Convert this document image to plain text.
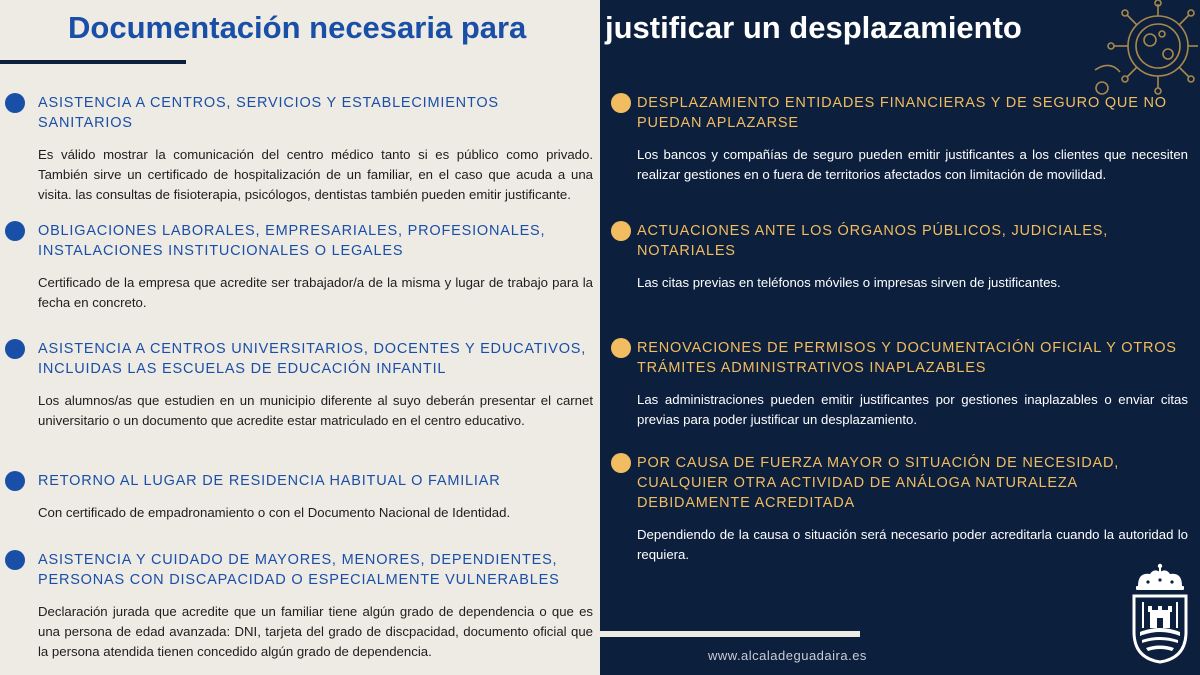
Documentación necesaria para	justificar un desplazamiento
ASISTENCIA A CENTROS, SERVICIOS Y ESTABLECIMIENTOS SANITARIOS

Es válido mostrar la comunicación del centro médico tanto si es público como privado. También sirve un certificado de hospitalización de un familiar, en el caso que acuda a una visita. las consultas de fisioterapia, psicólogos, dentistas también pueden emitir justificante.

OBLIGACIONES LABORALES, EMPRESARIALES, PROFESIONALES, INSTALACIONES INSTITUCIONALES O LEGALES

Certificado de la empresa que acredite ser trabajador/a de la misma y lugar de trabajo para la fecha en concreto.

ASISTENCIA A CENTROS UNIVERSITARIOS, DOCENTES Y EDUCATIVOS, INCLUIDAS LAS ESCUELAS DE EDUCACIÓN INFANTIL

Los alumnos/as que estudien en un municipio diferente al suyo deberán presentar el carnet universitario o un documento que acredite estar matriculado en el centro educativo.

RETORNO AL LUGAR DE RESIDENCIA HABITUAL O FAMILIAR

Con certificado de empadronamiento o con el Documento Nacional de Identidad.

ASISTENCIA Y CUIDADO DE MAYORES, MENORES, DEPENDIENTES, PERSONAS CON DISCAPACIDAD O ESPECIALMENTE VULNERABLES

Declaración jurada que acredite que un familiar tiene algún grado de dependencia o que es una persona de edad avanzada: DNI, tarjeta del grado de discpacidad, documento oficial que la persona atendida tienen concedido algún grado de dependencia.

DESPLAZAMIENTO ENTIDADES FINANCIERAS Y DE SEGURO QUE NO PUEDAN APLAZARSE

Los bancos y compañías de seguro pueden emitir justificantes a los clientes que necesiten realizar gestiones en o fuera de territorios afectados con limitación de movilidad.

ACTUACIONES ANTE LOS ÓRGANOS PÚBLICOS, JUDICIALES, NOTARIALES

Las citas previas en teléfonos móviles o impresas sirven de justificantes.

RENOVACIONES DE PERMISOS Y DOCUMENTACIÓN OFICIAL Y OTROS TRÁMITES ADMINISTRATIVOS INAPLAZABLES

Las administraciones pueden emitir justificantes por gestiones inaplazables o enviar citas previas para poder justificar un desplazamiento.

POR CAUSA DE FUERZA MAYOR O SITUACIÓN DE NECESIDAD, CUALQUIER OTRA ACTIVIDAD DE ANÁLOGA NATURALEZA DEBIDAMENTE ACREDITADA

Dependiendo de la causa o situación será necesario poder acreditarla cuando la autoridad lo requiera.

www.alcaladeguadaira.es
